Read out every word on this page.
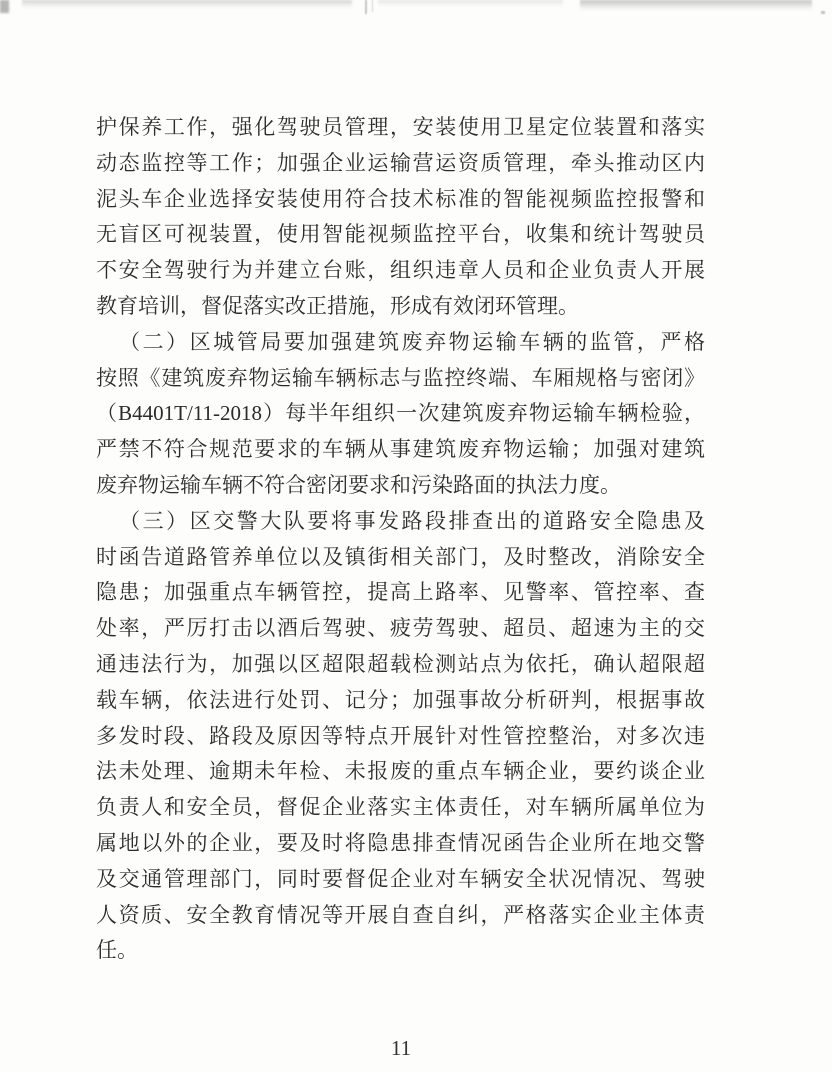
护保养工作，强化驾驶员管理，安装使用卫星定位装置和落实
动态监控等工作；加强企业运输营运资质管理，牵头推动区内
泥头车企业选择安装使用符合技术标准的智能视频监控报警和
无盲区可视装置，使用智能视频监控平台，收集和统计驾驶员
不安全驾驶行为并建立台账，组织违章人员和企业负责人开展
教育培训，督促落实改正措施，形成有效闭环管理。
（二）区城管局要加强建筑废弃物运输车辆的监管，严格
按照《建筑废弃物运输车辆标志与监控终端、车厢规格与密闭》
（B4401T/11-2018）每半年组织一次建筑废弃物运输车辆检验，
严禁不符合规范要求的车辆从事建筑废弃物运输；加强对建筑
废弃物运输车辆不符合密闭要求和污染路面的执法力度。
（三）区交警大队要将事发路段排查出的道路安全隐患及
时函告道路管养单位以及镇街相关部门，及时整改，消除安全
隐患；加强重点车辆管控，提高上路率、见警率、管控率、查
处率，严厉打击以酒后驾驶、疲劳驾驶、超员、超速为主的交
通违法行为，加强以区超限超载检测站点为依托，确认超限超
载车辆，依法进行处罚、记分；加强事故分析研判，根据事故
多发时段、路段及原因等特点开展针对性管控整治，对多次违
法未处理、逾期未年检、未报废的重点车辆企业，要约谈企业
负责人和安全员，督促企业落实主体责任，对车辆所属单位为
属地以外的企业，要及时将隐患排查情况函告企业所在地交警
及交通管理部门，同时要督促企业对车辆安全状况情况、驾驶
人资质、安全教育情况等开展自查自纠，严格落实企业主体责
任。
11
